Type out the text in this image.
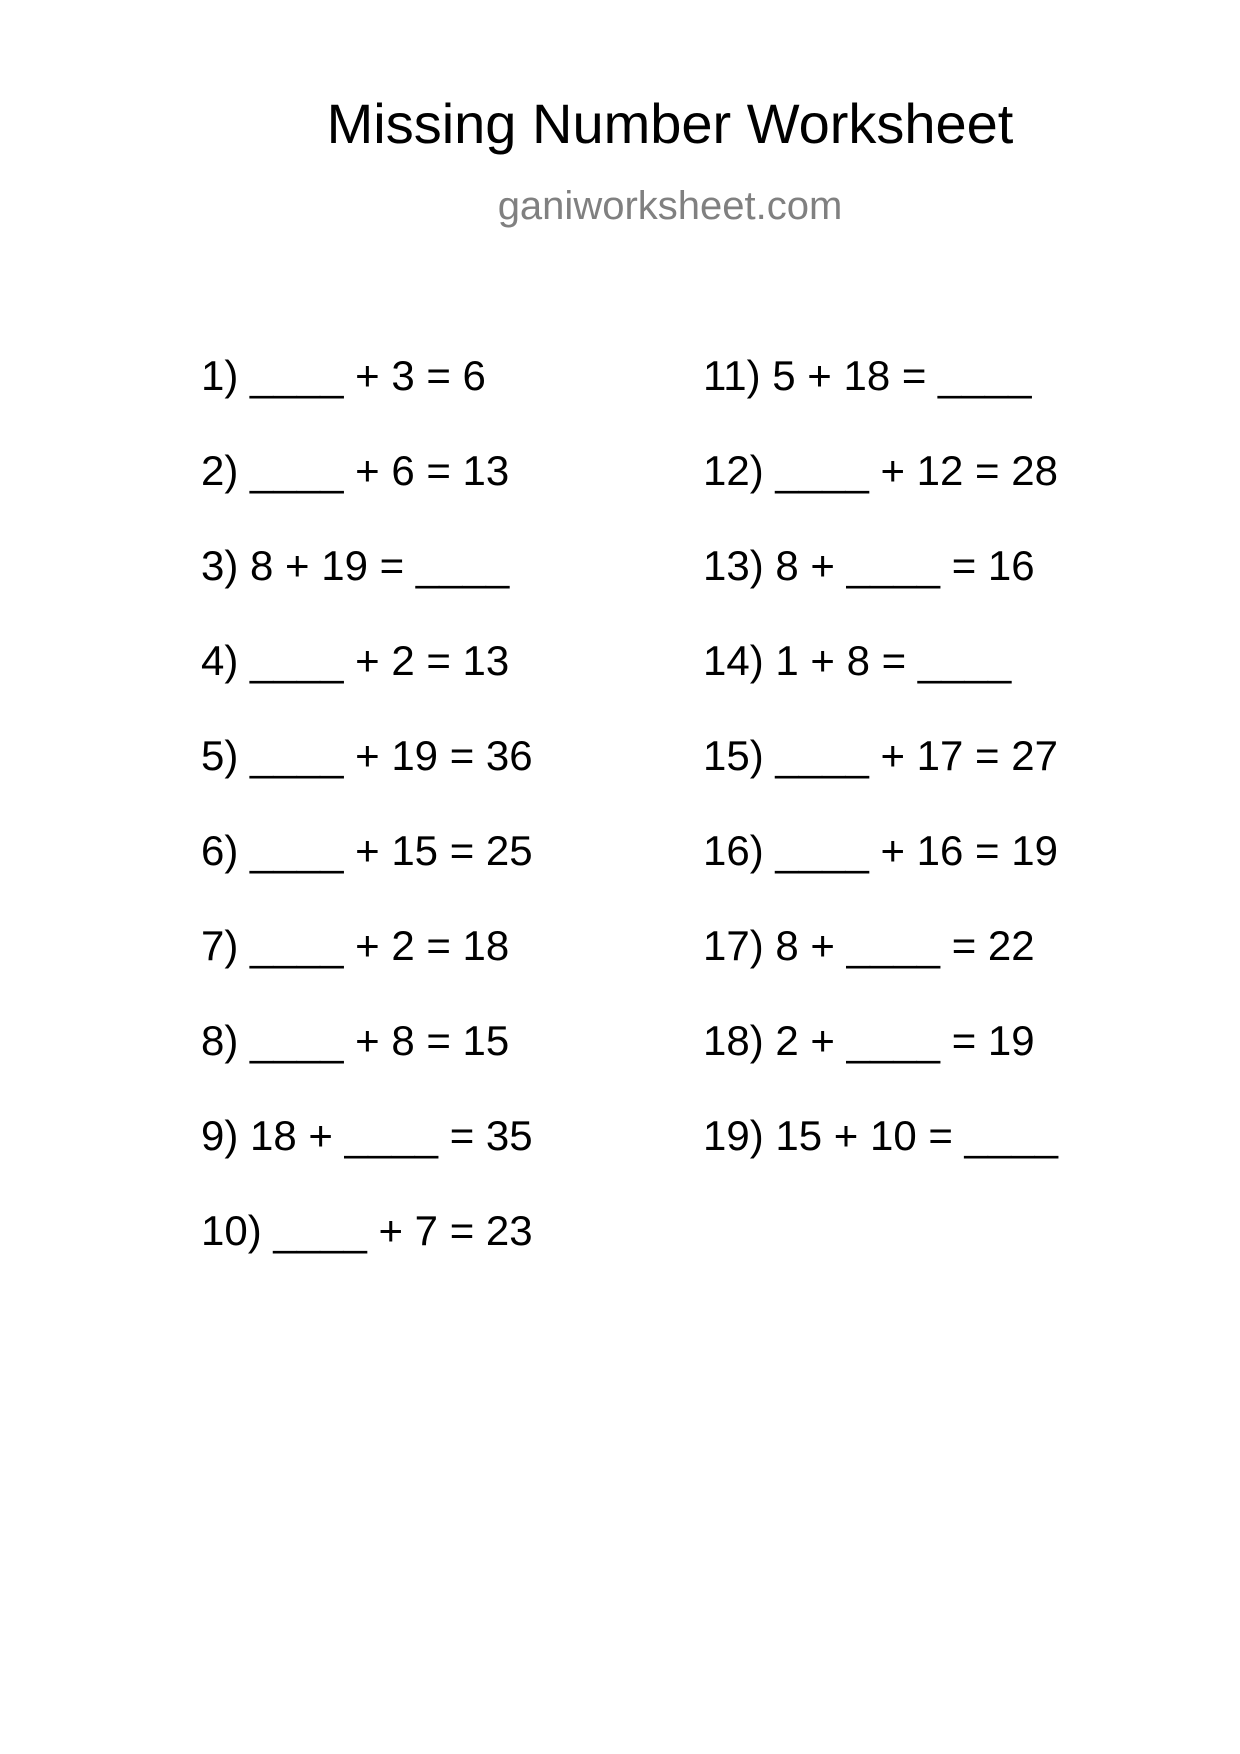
Missing Number Worksheet
ganiworksheet.com
1) ____ + 3 = 6
2) ____ + 6 = 13
3) 8 + 19 = ____
4) ____ + 2 = 13
5) ____ + 19 = 36
6) ____ + 15 = 25
7) ____ + 2 = 18
8) ____ + 8 = 15
9) 18 + ____ = 35
10) ____ + 7 = 23
11) 5 + 18 = ____
12) ____ + 12 = 28
13) 8 + ____ = 16
14) 1 + 8 = ____
15) ____ + 17 = 27
16) ____ + 16 = 19
17) 8 + ____ = 22
18) 2 + ____ = 19
19) 15 + 10 = ____
